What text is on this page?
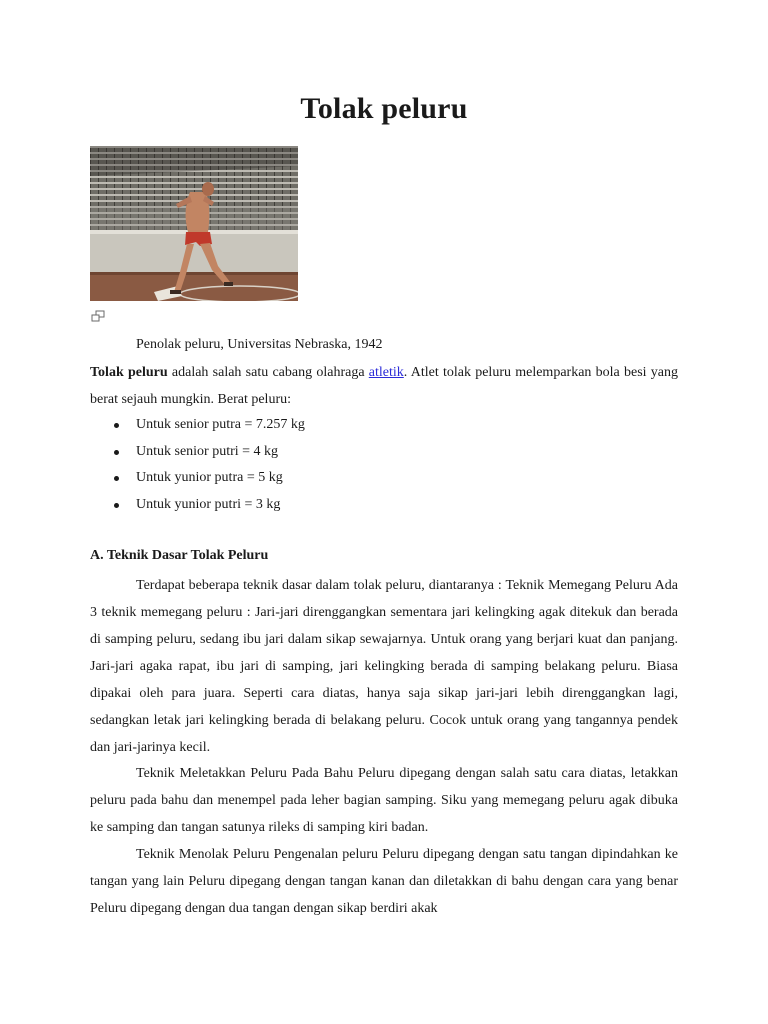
Tolak peluru
Penolak peluru, Universitas Nebraska, 1942

Tolak peluru adalah salah satu cabang olahraga atletik. Atlet tolak peluru melemparkan bola besi yang berat sejauh mungkin. Berat peluru:

Untuk senior putra = 7.257 kg
Untuk senior putri = 4 kg
Untuk yunior putra = 5 kg
Untuk yunior putri = 3 kg
A. Teknik Dasar Tolak Peluru

Terdapat beberapa teknik dasar dalam tolak peluru, diantaranya : Teknik Memegang Peluru Ada 3 teknik memegang peluru : Jari-jari direnggangkan sementara jari kelingking agak ditekuk dan berada di samping peluru, sedang ibu jari dalam sikap sewajarnya. Untuk orang yang berjari kuat dan panjang. Jari-jari agaka rapat, ibu jari di samping, jari kelingking berada di samping belakang peluru. Biasa dipakai oleh para juara. Seperti cara diatas, hanya saja sikap jari-jari lebih direnggangkan lagi, sedangkan letak jari kelingking berada di belakang peluru. Cocok untuk orang yang tangannya pendek dan jari-jarinya kecil.

Teknik Meletakkan Peluru Pada Bahu Peluru dipegang dengan salah satu cara diatas, letakkan peluru pada bahu dan menempel pada leher bagian samping. Siku yang memegang peluru agak dibuka ke samping dan tangan satunya rileks di samping kiri badan.

Teknik Menolak Peluru Pengenalan peluru Peluru dipegang dengan satu tangan dipindahkan ke tangan yang lain Peluru dipegang dengan tangan kanan dan diletakkan di bahu dengan cara yang benar Peluru dipegang dengan dua tangan dengan sikap berdiri akak
